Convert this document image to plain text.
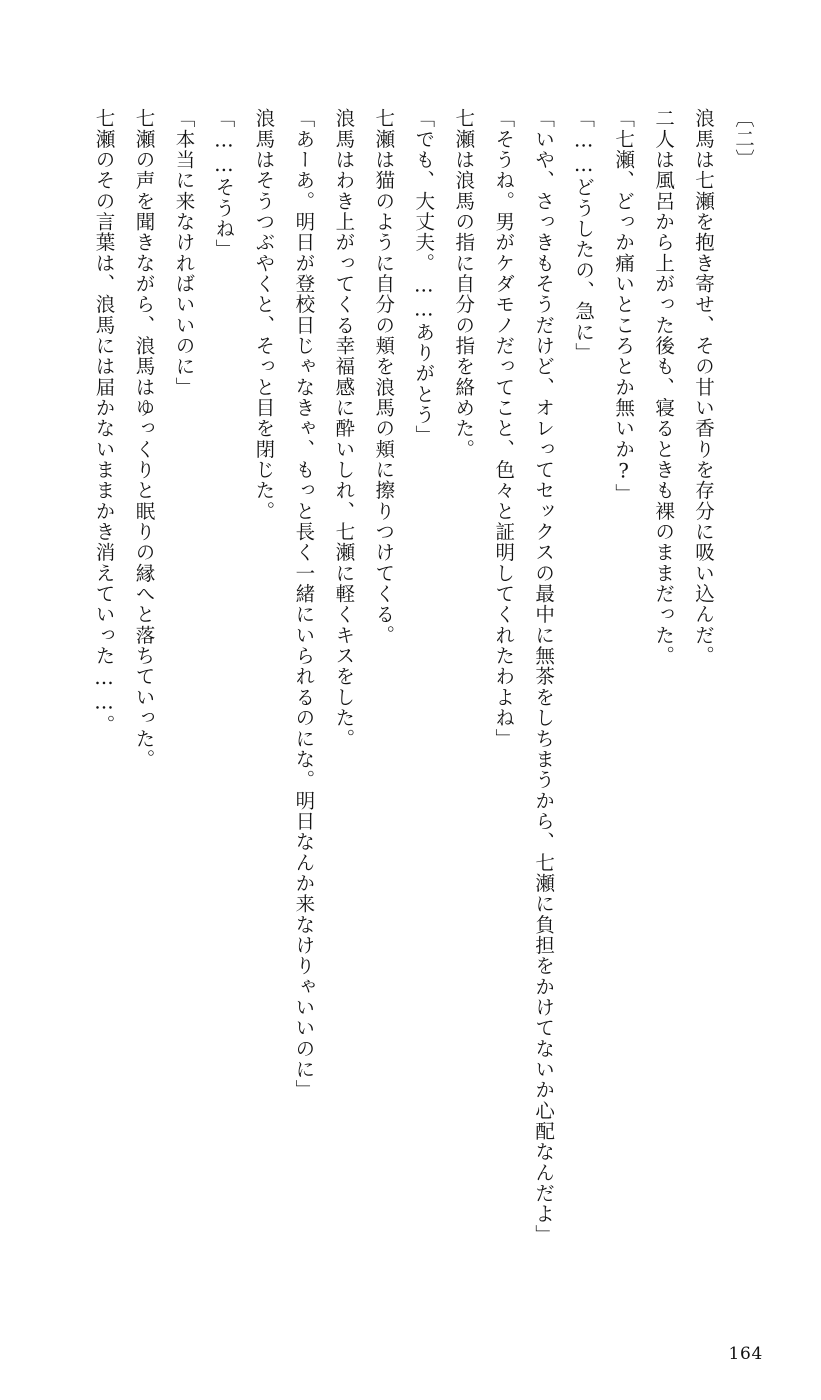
〔二〕

浪馬は七瀬を抱き寄せ、その甘い香りを存分に吸い込んだ。

二人は風呂から上がった後も、寝るときも裸のままだった。

「七瀬、どっか痛いところとか無いか?」

「……どうしたの、急に」

「いや、さっきもそうだけど、オレってセックスの最中に無茶をしちまうから、七瀬に負担をかけてないか心配なんだよ」

「そうね。男がケダモノだってこと、色々と証明してくれたわよね」

七瀬は浪馬の指に自分の指を絡めた。

「でも、大丈夫。……ありがとう」

七瀬は猫のように自分の頬を浪馬の頬に擦りつけてくる。

浪馬はわき上がってくる幸福感に酔いしれ、七瀬に軽くキスをした。

「あーあ。明日が登校日じゃなきゃ、もっと長く一緒にいられるのにな。明日なんか来なけりゃいいのに」

浪馬はそうつぶやくと、そっと目を閉じた。

「……そうね」

「本当に来なければいいのに」

七瀬の声を聞きながら、浪馬はゆっくりと眠りの縁へと落ちていった。

七瀬のその言葉は、浪馬には届かないままかき消えていった……。

164
